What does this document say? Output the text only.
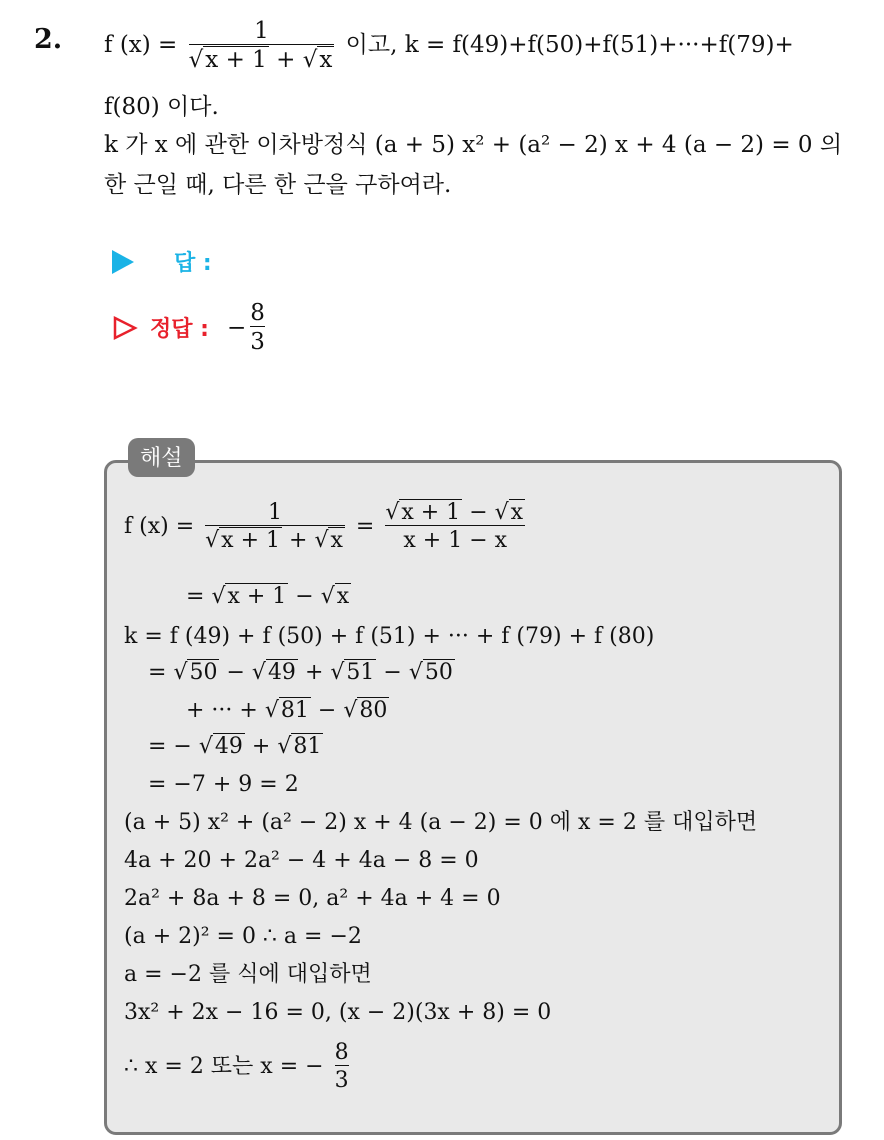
2. f $(x) = \frac{1}{√x + 1 + √x}$ 이고, k = f(49)+f(50)+f(51)+···+f(79)+
f(80) 이다.
k 가 x 에 관한 이차방정식 (a + 5) x² + (a² − 2) x + 4 (a − 2) = 0 의
한 근일 때, 다른 한 근을 구하여라.
답 :
정답 : − $\frac{8}{3}$
해설
f $(x) = \frac{1}{√x + 1 + √x} = \frac{√x + 1 - √x}{x + 1 - x}$
= √x + 1 − √x
k = f (49) + f (50) + f (51) + ··· + f (79) + f (80)
= √50 − √49 + √51 − √50
+ ··· + √81 − √80
= − √49 + √81
= −7 + 9 = 2
(a + 5) x² + (a² − 2) x + 4 (a − 2) = 0 에 x = 2 를 대입하면
4a + 20 + 2a² − 4 + 4a − 8 = 0
2a² + 8a + 8 = 0, a² + 4a + 4 = 0
(a + 2)² = 0 ∴ a = −2
a = −2 를 식에 대입하면
3x² + 2x − 16 = 0, (x − 2)(3x + 8) = 0
∴ x = 2 또는 x = − $\frac{8}{3}$
